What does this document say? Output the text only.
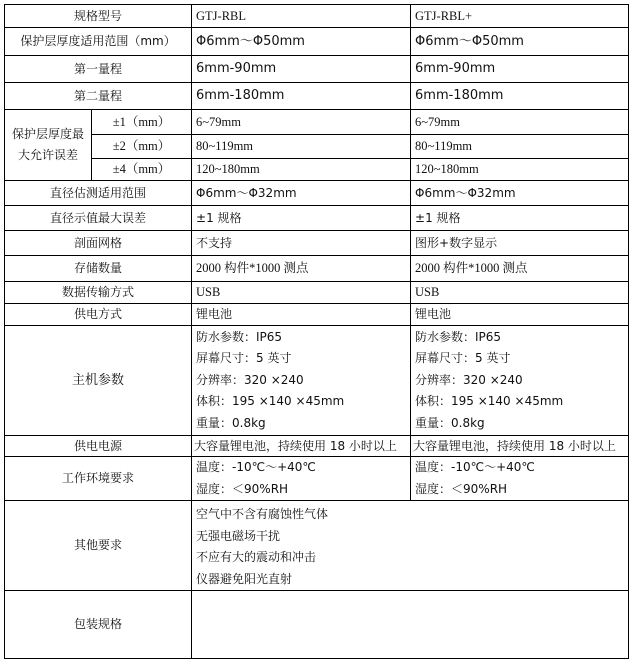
规格型号		GTJ-RBL	GTJ-RBL+
保护层厚度适用范围（mm）		Φ6mm～Φ50mm	Φ6mm～Φ50mm
第一量程		6mm-90mm	6mm-90mm
第二量程		6mm-180mm	6mm-180mm

保护层厚度最
大允许误差	±1（mm）	6~79mm	6~79mm
	±2（mm）	80~119mm	80~119mm
	±4（mm）	120~180mm	120~180mm
直径估测适用范围		Φ6mm～Φ32mm	Φ6mm～Φ32mm
直径示值最大误差		±1 规格	±1 规格
剖面网格		不支持	图形+数字显示
存储数量		2000 构件*1000 测点	2000 构件*1000 测点
数据传输方式		USB	USB
供电方式		锂电池	锂电池
主机参数		防水参数：IP65
屏幕尺寸：5 英寸
分辨率：320 ×240
体积：195 ×140 ×45mm
重量：0.8kg	防水参数：IP65
屏幕尺寸：5 英寸
分辨率：320 ×240
体积：195 ×140 ×45mm
重量：0.8kg

供电电源		大容量锂电池，持续使用 18 小时以上	大容量锂电池，持续使用 18 小时以上
工作环境要求		温度：-10℃～+40℃
湿度：＜90%RH	温度：-10℃～+40℃
湿度：＜90%RH

其他要求		空气中不含有腐蚀性气体
无强电磁场干扰
不应有大的震动和冲击
仪器避免阳光直射	

包装规格			
